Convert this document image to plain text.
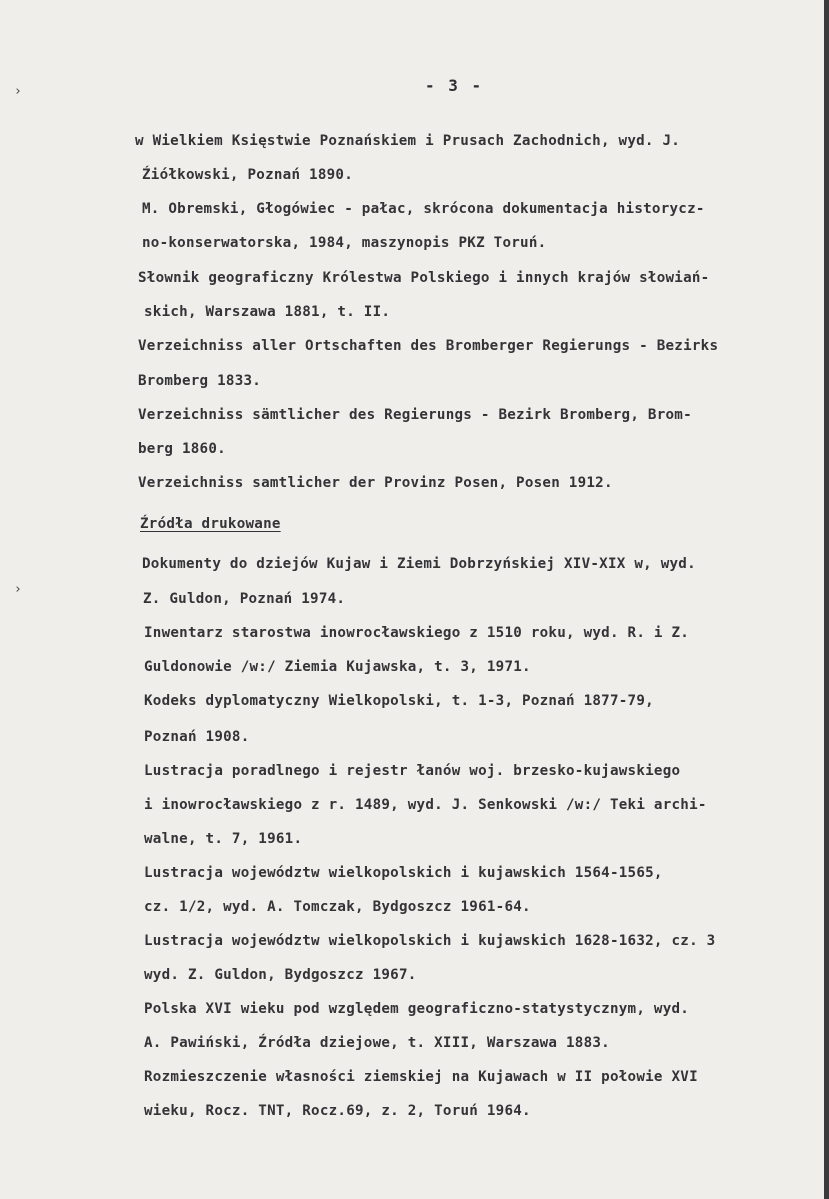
- 3 -
›
›
w Wielkiem Księstwie Poznańskiem i Prusach Zachodnich, wyd. J.
Źiółkowski, Poznań 1890.
M. Obremski, Głogówiec - pałac, skrócona dokumentacja historycz-
no-konserwatorska, 1984, maszynopis PKZ Toruń.
Słownik geograficzny Królestwa Polskiego i innych krajów słowiań-
skich, Warszawa 1881, t. II.
Verzeichniss aller Ortschaften des Bromberger Regierungs - Bezirks
Bromberg 1833.
Verzeichniss sämtlicher des Regierungs - Bezirk Bromberg, Brom-
berg 1860.
Verzeichniss samtlicher der Provinz Posen, Posen 1912.
Źródła drukowane
Dokumenty do dziejów Kujaw i Ziemi Dobrzyńskiej XIV-XIX w, wyd.
Z. Guldon, Poznań 1974.
Inwentarz starostwa inowrocławskiego z 1510 roku, wyd. R. i Z.
Guldonowie /w:/ Ziemia Kujawska, t. 3, 1971.
Kodeks dyplomatyczny Wielkopolski, t. 1-3, Poznań 1877-79,
Poznań 1908.
Lustracja poradlnego i rejestr łanów woj. brzesko-kujawskiego
i inowrocławskiego z r. 1489, wyd. J. Senkowski /w:/ Teki archi-
walne, t. 7, 1961.
Lustracja województw wielkopolskich i kujawskich 1564-1565,
cz. 1/2, wyd. A. Tomczak, Bydgoszcz 1961-64.
Lustracja województw wielkopolskich i kujawskich 1628-1632, cz. 3
wyd. Z. Guldon, Bydgoszcz 1967.
Polska XVI wieku pod względem geograficzno-statystycznym, wyd.
A. Pawiński, Źródła dziejowe, t. XIII, Warszawa 1883.
Rozmieszczenie własności ziemskiej na Kujawach w II połowie XVI
wieku, Rocz. TNT, Rocz.69, z. 2, Toruń 1964.
